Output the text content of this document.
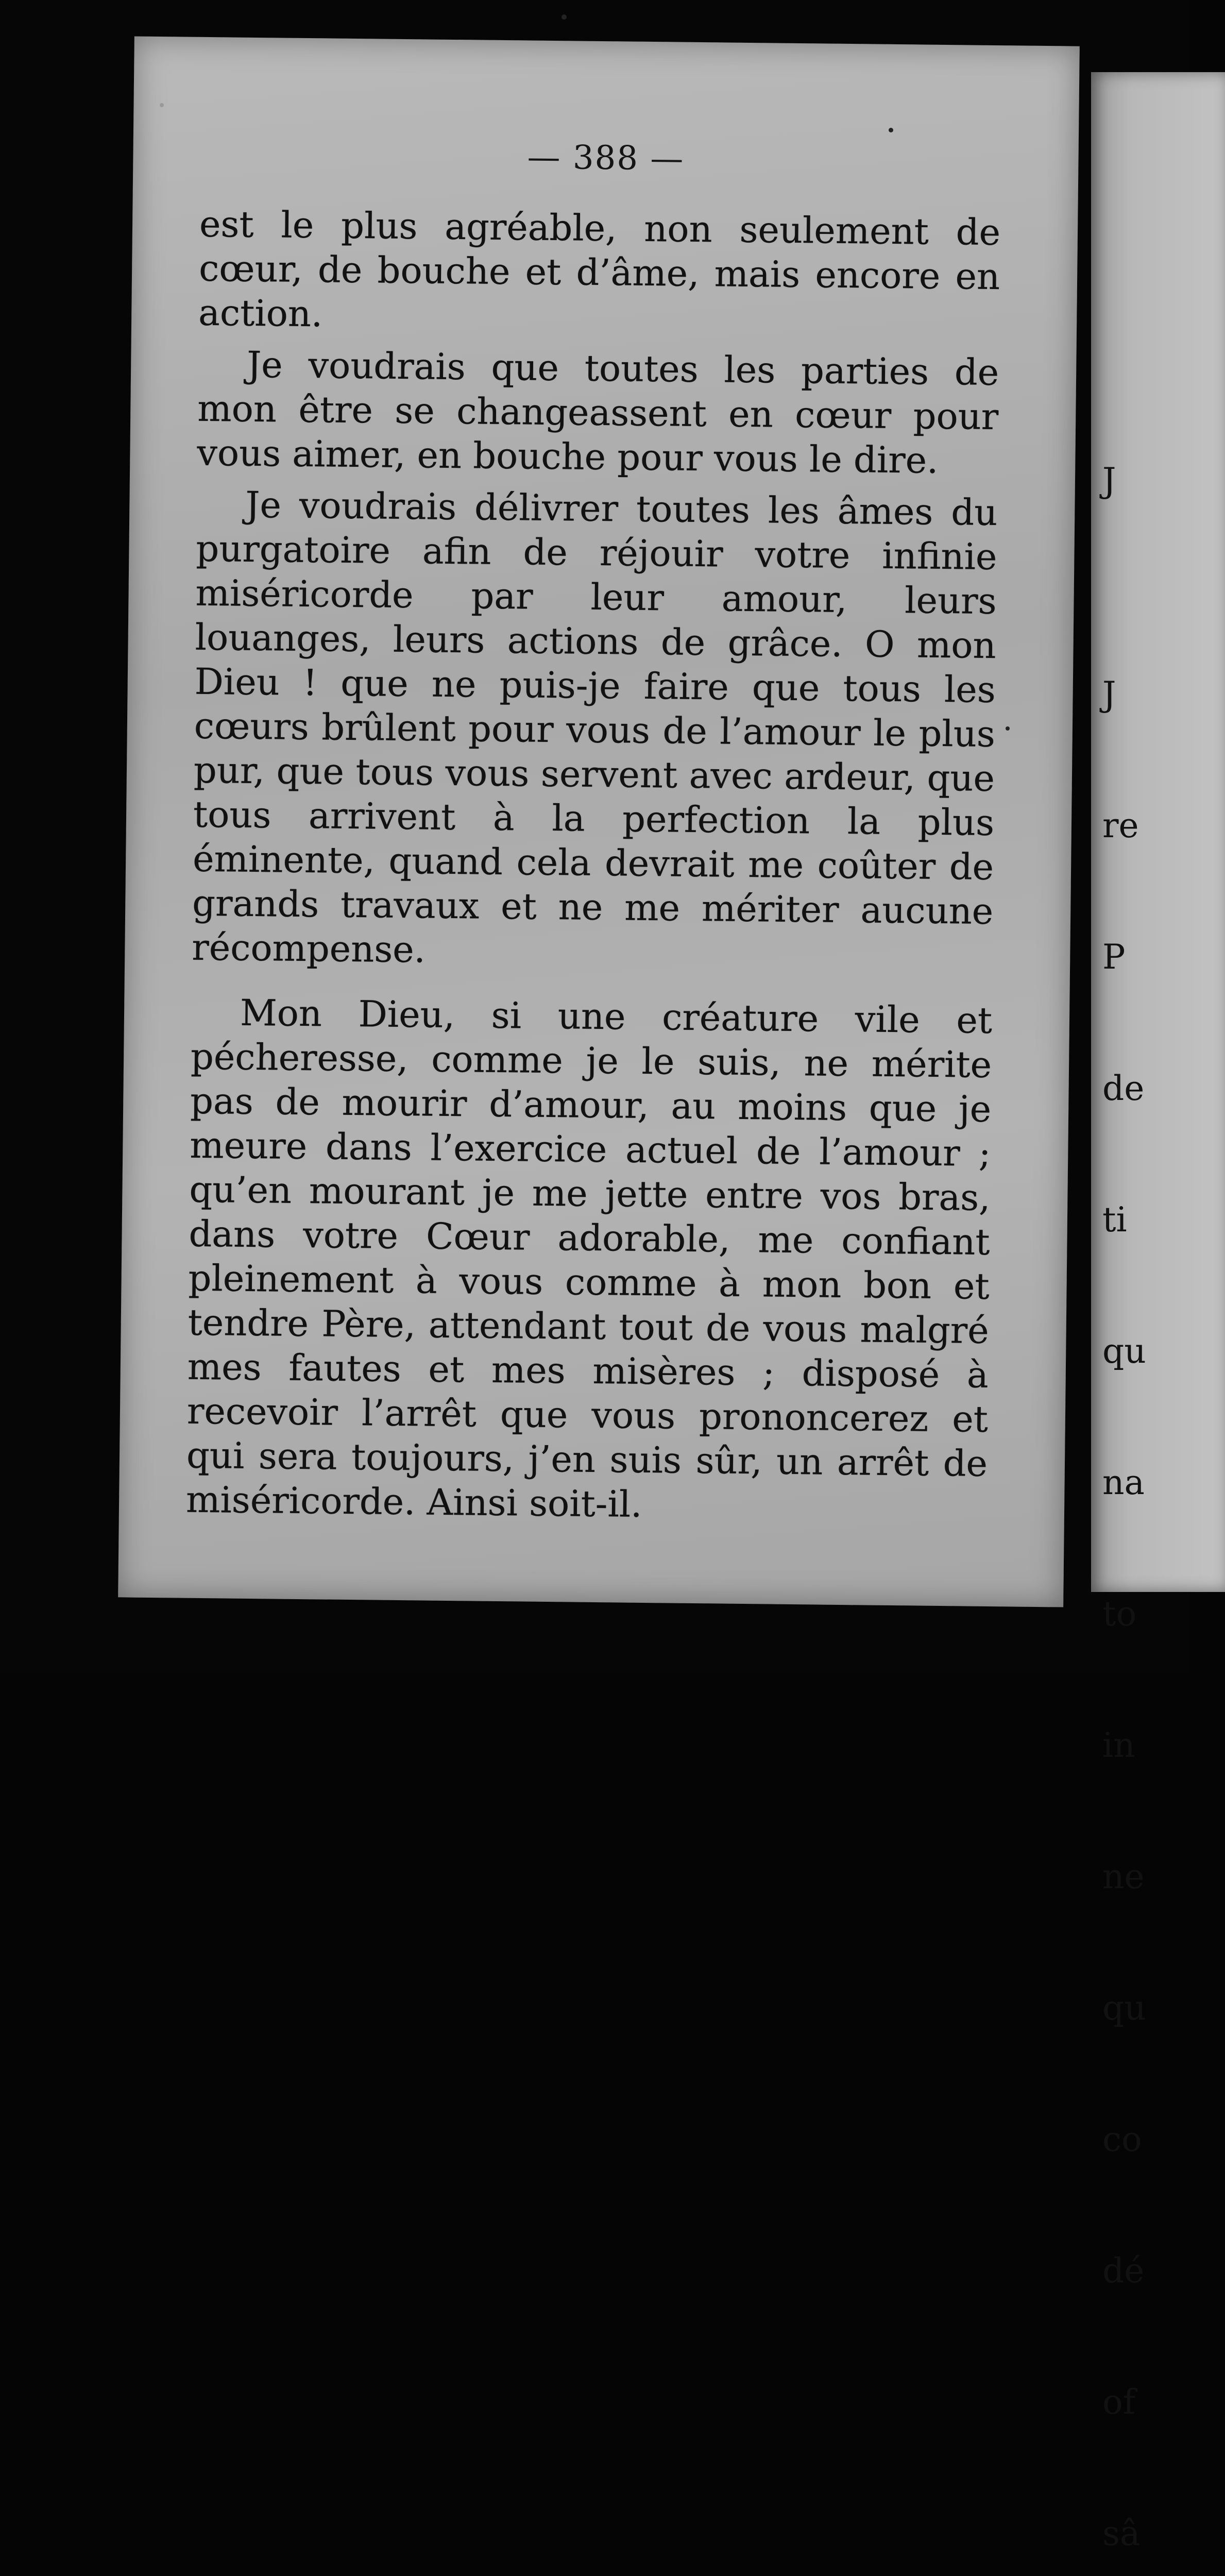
J

J

re

P

de

ti

qu

na

to

in

ne

qu

co

dé

of

sâ

— 388 —

est le plus agréable, non seulement de cœur, de bouche et d’âme, mais encore en action.

Je voudrais que toutes les parties de mon être se changeassent en cœur pour vous aimer, en bouche pour vous le dire.

Je voudrais délivrer toutes les âmes du purgatoire afin de réjouir votre infinie miséricorde par leur amour, leurs louanges, leurs actions de grâce. O mon Dieu ! que ne puis-je faire que tous les cœurs brûlent pour vous de l’amour le plus pur, que tous vous servent avec ardeur, que tous arrivent à la perfection la plus éminente, quand cela devrait me coûter de grands travaux et ne me mériter aucune récompense.

Mon Dieu, si une créature vile et pécheresse, comme je le suis, ne mérite pas de mourir d’amour, au moins que je meure dans l’exercice actuel de l’amour ; qu’en mourant je me jette entre vos bras, dans votre Cœur adorable, me confiant pleinement à vous comme à mon bon et tendre Père, attendant tout de vous malgré mes fautes et mes misères ; disposé à recevoir l’arrêt que vous prononcerez et qui sera toujours, j’en suis sûr, un arrêt de miséricorde. Ainsi soit-il.
